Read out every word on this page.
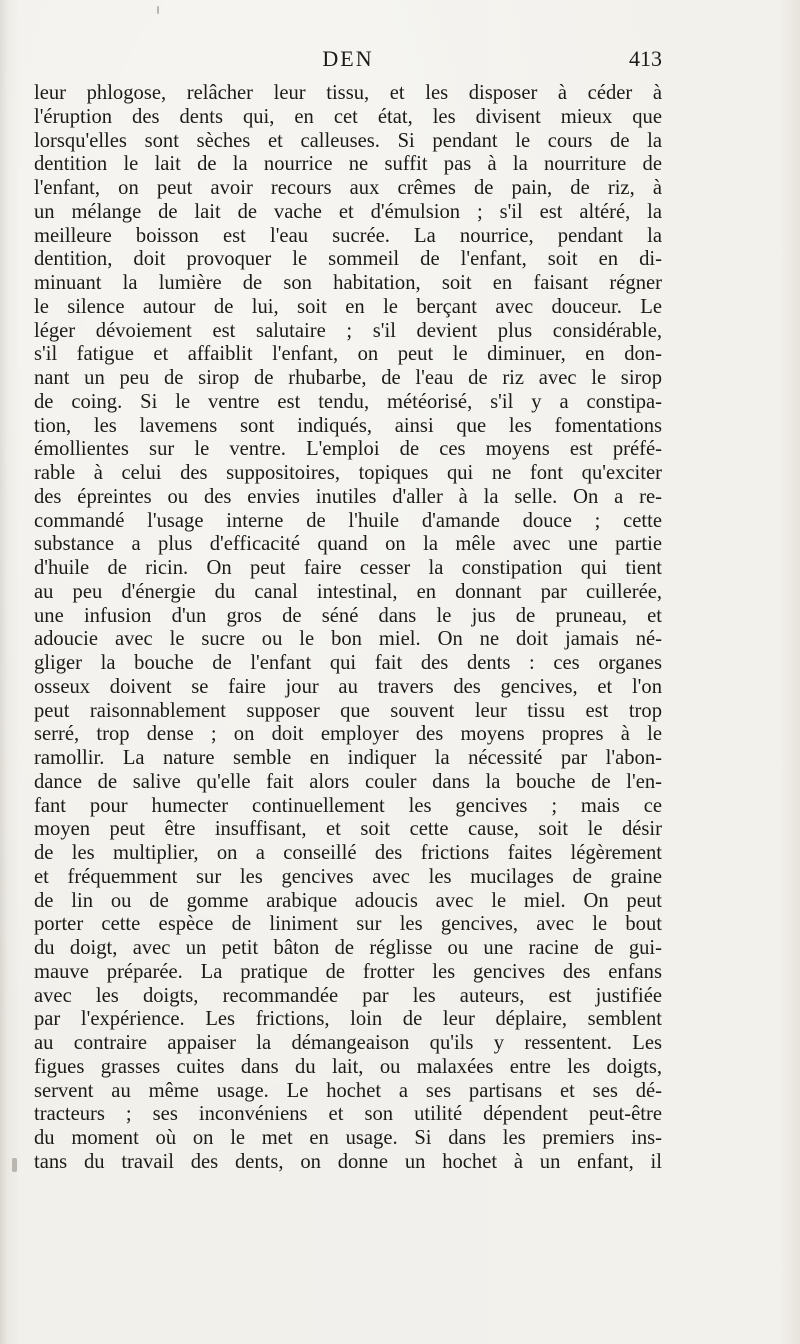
DEN	413
leur phlogose, relâcher leur tissu, et les disposer à céder à
l'éruption des dents qui, en cet état, les divisent mieux que
lorsqu'elles sont sèches et calleuses. Si pendant le cours de la
dentition le lait de la nourrice ne suffit pas à la nourriture de
l'enfant, on peut avoir recours aux crêmes de pain, de riz, à
un mélange de lait de vache et d'émulsion ; s'il est altéré, la
meilleure boisson est l'eau sucrée. La nourrice, pendant la
dentition, doit provoquer le sommeil de l'enfant, soit en di-
minuant la lumière de son habitation, soit en faisant régner
le silence autour de lui, soit en le berçant avec douceur. Le
léger dévoiement est salutaire ; s'il devient plus considérable,
s'il fatigue et affaiblit l'enfant, on peut le diminuer, en don-
nant un peu de sirop de rhubarbe, de l'eau de riz avec le sirop
de coing. Si le ventre est tendu, météorisé, s'il y a constipa-
tion, les lavemens sont indiqués, ainsi que les fomentations
émollientes sur le ventre. L'emploi de ces moyens est préfé-
rable à celui des suppositoires, topiques qui ne font qu'exciter
des épreintes ou des envies inutiles d'aller à la selle. On a re-
commandé l'usage interne de l'huile d'amande douce ; cette
substance a plus d'efficacité quand on la mêle avec une partie
d'huile de ricin. On peut faire cesser la constipation qui tient
au peu d'énergie du canal intestinal, en donnant par cuillerée,
une infusion d'un gros de séné dans le jus de pruneau, et
adoucie avec le sucre ou le bon miel. On ne doit jamais né-
gliger la bouche de l'enfant qui fait des dents : ces organes
osseux doivent se faire jour au travers des gencives, et l'on
peut raisonnablement supposer que souvent leur tissu est trop
serré, trop dense ; on doit employer des moyens propres à le
ramollir. La nature semble en indiquer la nécessité par l'abon-
dance de salive qu'elle fait alors couler dans la bouche de l'en-
fant pour humecter continuellement les gencives ; mais ce
moyen peut être insuffisant, et soit cette cause, soit le désir
de les multiplier, on a conseillé des frictions faites légèrement
et fréquemment sur les gencives avec les mucilages de graine
de lin ou de gomme arabique adoucis avec le miel. On peut
porter cette espèce de liniment sur les gencives, avec le bout
du doigt, avec un petit bâton de réglisse ou une racine de gui-
mauve préparée. La pratique de frotter les gencives des enfans
avec les doigts, recommandée par les auteurs, est justifiée
par l'expérience. Les frictions, loin de leur déplaire, semblent
au contraire appaiser la démangeaison qu'ils y ressentent. Les
figues grasses cuites dans du lait, ou malaxées entre les doigts,
servent au même usage. Le hochet a ses partisans et ses dé-
tracteurs ; ses inconvéniens et son utilité dépendent peut-être
du moment où on le met en usage. Si dans les premiers ins-
tans du travail des dents, on donne un hochet à un enfant, il
